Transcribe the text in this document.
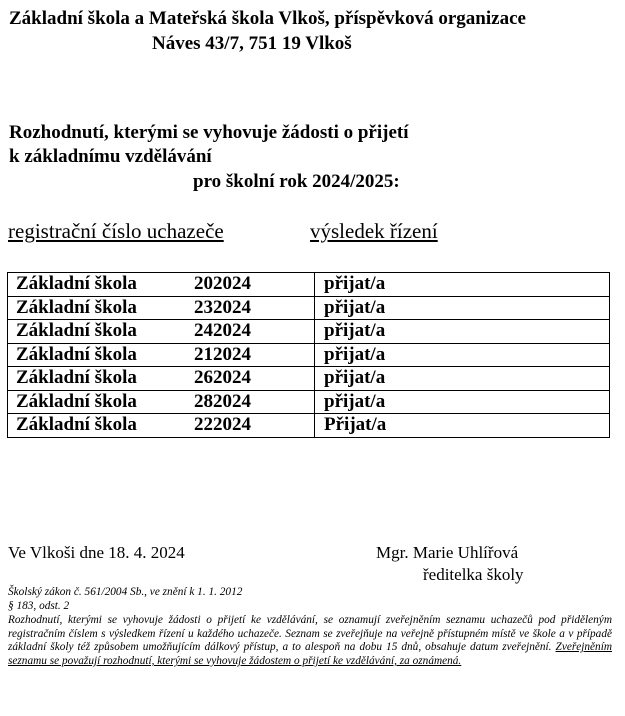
Základní škola a Mateřská škola Vlkoš, příspěvková organizace
Náves 43/7, 751 19 Vlkoš
Rozhodnutí, kterými se vyhovuje žádosti o přijetí
k základnímu vzdělávání
pro školní rok 2024/2025:
registrační číslo uchazeče	výsledek řízení
Základní škola 202024	přijat/a
Základní škola 232024	přijat/a
Základní škola 242024	přijat/a
Základní škola 212024	přijat/a
Základní škola 262024	přijat/a
Základní škola 282024	přijat/a
Základní škola 222024	Přijat/a
Ve Vlkoši dne 18. 4. 2024	Mgr. Marie Uhlířová
ředitelka školy
Školský zákon č. 561/2004 Sb., ve znění k 1. 1. 2012
§ 183, odst. 2
Rozhodnutí, kterými se vyhovuje žádosti o přijetí ke vzdělávání, se oznamují zveřejněním seznamu uchazečů pod přiděleným registračním číslem s výsledkem řízení u každého uchazeče. Seznam se zveřejňuje na veřejně přístupném místě ve škole a v případě základní školy též způsobem umožňujícím dálkový přístup, a to alespoň na dobu 15 dnů, obsahuje datum zveřejnění. Zveřejněním seznamu se považují rozhodnutí, kterými se vyhovuje žádostem o přijetí ke vzdělávání, za oznámená.
